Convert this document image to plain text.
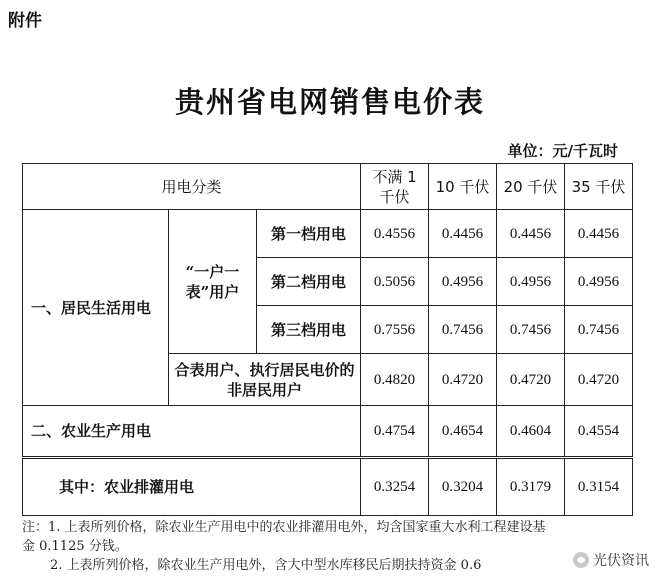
附件
贵州省电网销售电价表
单位：元/千瓦时
用电分类			不满 1 千伏	10 千伏	20 千伏	35 千伏
一、居民生活用电	“一户一表”用户	第一档用电	0.4556	0.4456	0.4456	0.4456
		第二档用电	0.5056	0.4956	0.4956	0.4956
		第三档用电	0.7556	0.7456	0.7456	0.7456
	合表用户、执行居民电价的非居民用户		0.4820	0.4720	0.4720	0.4720
二、农业生产用电			0.4754	0.4654	0.4604	0.4554
其中：农业排灌用电			0.3254	0.3204	0.3179	0.3154
注：1. 上表所列价格，除农业生产用电中的农业排灌用电外，均含国家重大水利工程建设基
金 0.1125 分钱。
2. 上表所列价格，除农业生产用电外，含大中型水库移民后期扶持资金 0.6	光伏资讯
